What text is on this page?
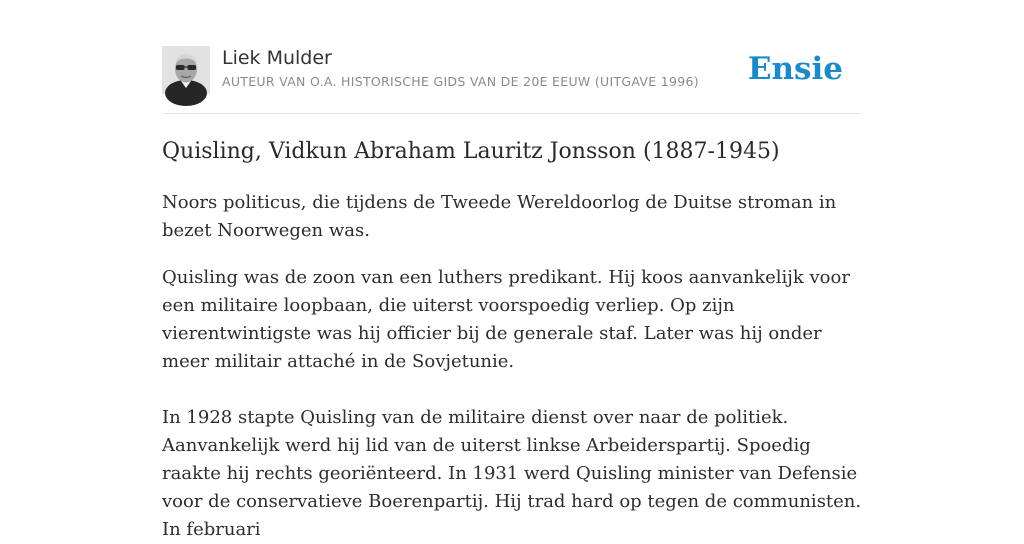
Liek Mulder
AUTEUR VAN O.A. HISTORISCHE GIDS VAN DE 20E EEUW (UITGAVE 1996) Ensie
Quisling, Vidkun Abraham Lauritz Jonsson (1887-1945)

Noors politicus, die tijdens de Tweede Wereldoorlog de Duitse stroman in bezet Noorwegen was.

Quisling was de zoon van een luthers predikant. Hij koos aanvankelijk voor een militaire loopbaan, die uiterst voorspoedig verliep. Op zijn vierentwintigste was hij officier bij de generale staf. Later was hij onder meer militair attaché in de Sovjetunie.

In 1928 stapte Quisling van de militaire dienst over naar de politiek. Aanvankelijk werd hij lid van de uiterst linkse Arbeiderspartij. Spoedig raakte hij rechts georiënteerd. In 1931 werd Quisling minister van Defensie voor de conservatieve Boerenpartij. Hij trad hard op tegen de communisten. In februari
